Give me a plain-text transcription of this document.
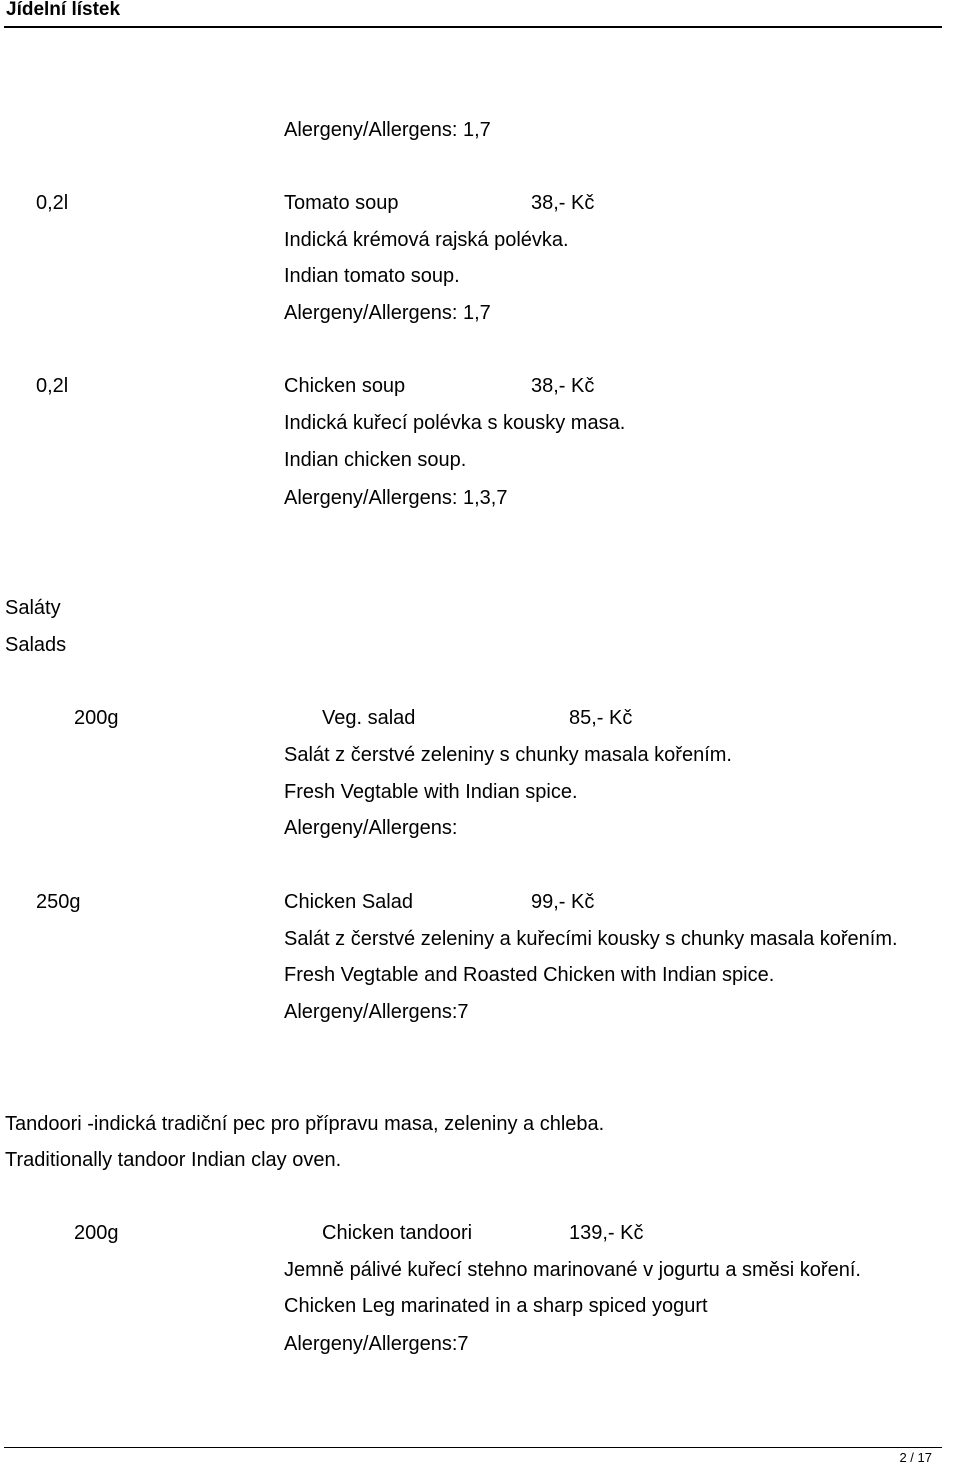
Jídelní lístek
Alergeny/Allergens: 1,7
0,2l	Tomato soup	38,- Kč
Indická krémová rajská polévka.
Indian tomato soup.
Alergeny/Allergens: 1,7
0,2l	Chicken soup	38,- Kč
Indická kuřecí polévka s kousky masa.
Indian chicken soup.
Alergeny/Allergens: 1,3,7
Saláty
Salads
200g	Veg. salad	85,- Kč
Salát z čerstvé zeleniny s chunky masala kořením.
Fresh Vegtable with Indian spice.
Alergeny/Allergens:
250g	Chicken Salad	99,- Kč
Salát z čerstvé zeleniny a kuřecími kousky s chunky masala kořením.
Fresh Vegtable and Roasted Chicken with Indian spice.
Alergeny/Allergens:7
Tandoori -indická tradiční pec pro přípravu masa, zeleniny a chleba.
Traditionally tandoor Indian clay oven.
200g	Chicken tandoori	139,- Kč
Jemně pálivé kuřecí stehno marinované v jogurtu a směsi koření.
Chicken Leg marinated in a sharp spiced yogurt
Alergeny/Allergens:7
2 / 17
